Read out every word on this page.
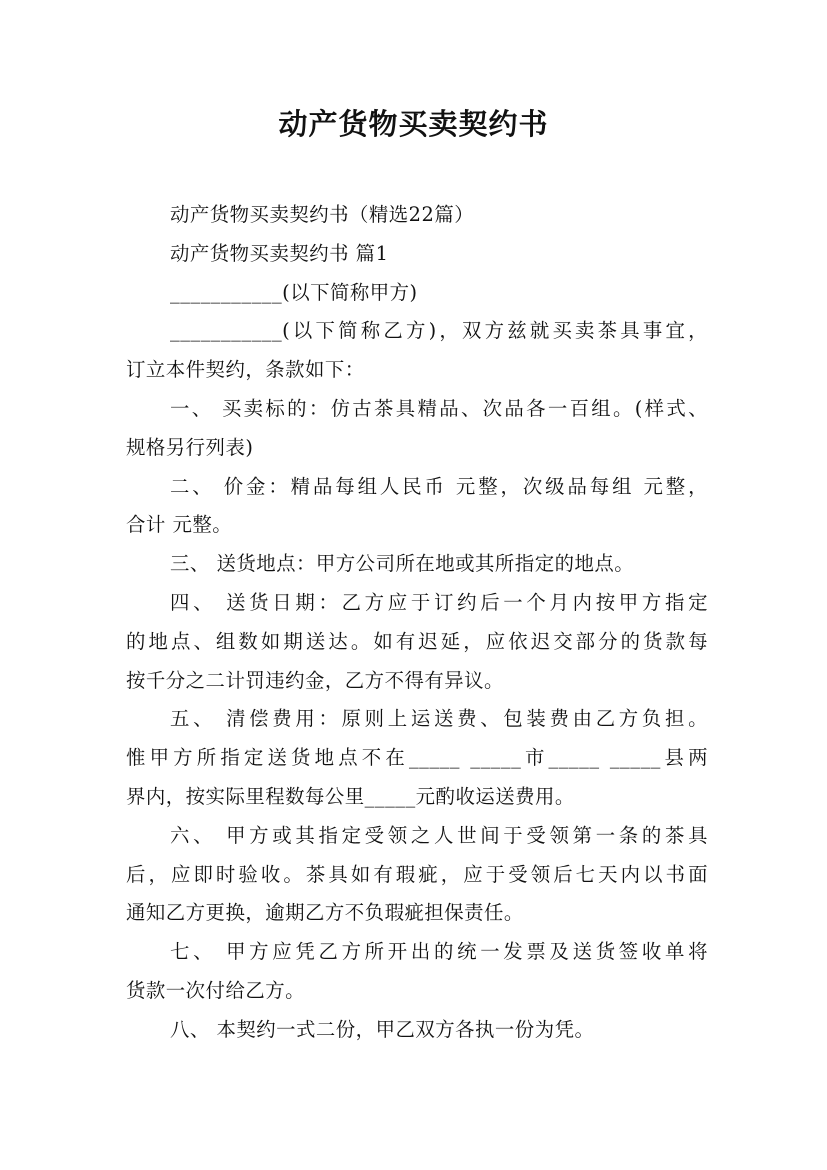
动产货物买卖契约书
动产货物买卖契约书（精选22篇）
动产货物买卖契约书 篇1
___________(以下简称甲方)
___________(以下简称乙方)，双方兹就买卖茶具事宜，
订立本件契约，条款如下：
一、 买卖标的：仿古茶具精品、次品各一百组。(样式、
规格另行列表)
二、 价金：精品每组人民币 元整，次级品每组 元整，
合计 元整。
三、 送货地点：甲方公司所在地或其所指定的地点。
四、 送货日期：乙方应于订约后一个月内按甲方指定
的地点、组数如期送达。如有迟延，应依迟交部分的货款每
按千分之二计罚违约金，乙方不得有异议。
五、 清偿费用：原则上运送费、包装费由乙方负担。
惟甲方所指定送货地点不在_____ _____市_____ _____县两
界内，按实际里程数每公里_____元酌收运送费用。
六、 甲方或其指定受领之人世间于受领第一条的茶具
后，应即时验收。茶具如有瑕疵，应于受领后七天内以书面
通知乙方更换，逾期乙方不负瑕疵担保责任。
七、 甲方应凭乙方所开出的统一发票及送货签收单将
货款一次付给乙方。
八、 本契约一式二份，甲乙双方各执一份为凭。
